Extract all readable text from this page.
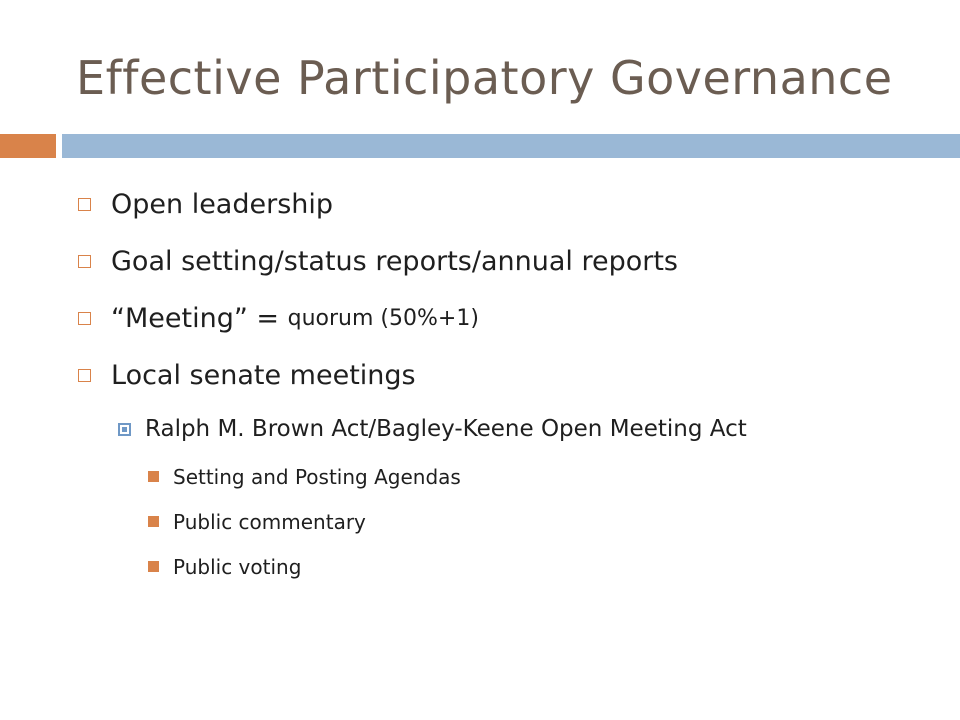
Effective Participatory Governance
Open leadership
Goal setting/status reports/annual reports
“Meeting” = quorum (50%+1)
Local senate meetings
Ralph M. Brown Act/Bagley-Keene Open Meeting Act
Setting and Posting Agendas
Public commentary
Public voting
